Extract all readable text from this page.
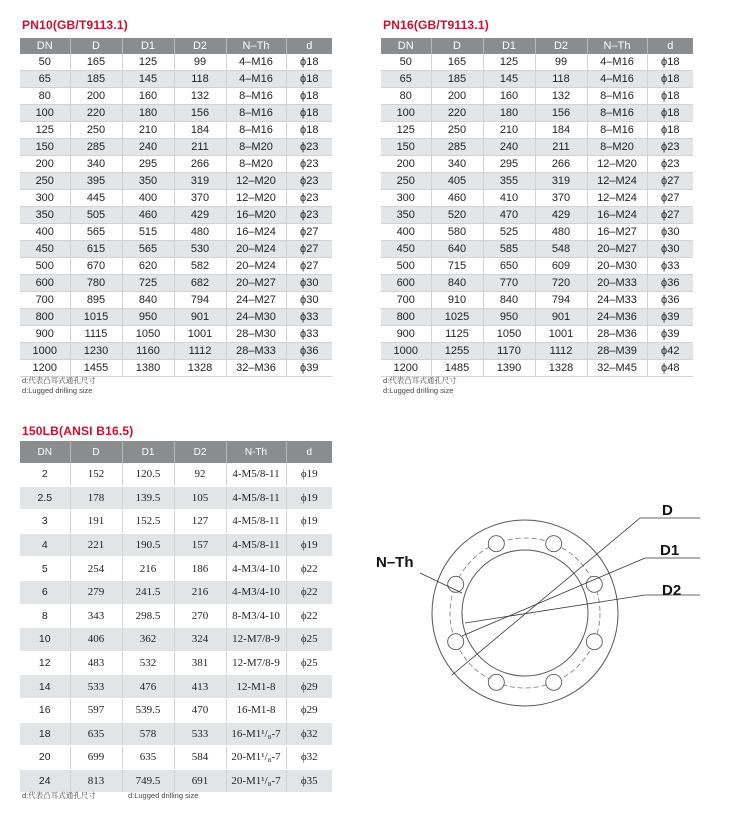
PN10(GB/T9113.1)
DN	D	D1	D2	N–Th	d
50	165	125	99	4–M16	ϕ18
65	185	145	118	4–M16	ϕ18
80	200	160	132	8–M16	ϕ18
100	220	180	156	8–M16	ϕ18
125	250	210	184	8–M16	ϕ18
150	285	240	211	8–M20	ϕ23
200	340	295	266	8–M20	ϕ23
250	395	350	319	12–M20	ϕ23
300	445	400	370	12–M20	ϕ23
350	505	460	429	16–M20	ϕ23
400	565	515	480	16–M24	ϕ27
450	615	565	530	20–M24	ϕ27
500	670	620	582	20–M24	ϕ27
600	780	725	682	20–M27	ϕ30
700	895	840	794	24–M27	ϕ30
800	1015	950	901	24–M30	ϕ33
900	1115	1050	1001	28–M30	ϕ33
1000	1230	1160	1112	28–M33	ϕ36
1200	1455	1380	1328	32–M36	ϕ39
d:代表凸耳式通孔尺寸
d:Lugged drilling size
PN16(GB/T9113.1)
DN	D	D1	D2	N–Th	d
50	165	125	99	4–M16	ϕ18
65	185	145	118	4–M16	ϕ18
80	200	160	132	8–M16	ϕ18
100	220	180	156	8–M16	ϕ18
125	250	210	184	8–M16	ϕ18
150	285	240	211	8–M20	ϕ23
200	340	295	266	12–M20	ϕ23
250	405	355	319	12–M24	ϕ27
300	460	410	370	12–M24	ϕ27
350	520	470	429	16–M24	ϕ27
400	580	525	480	16–M27	ϕ30
450	640	585	548	20–M27	ϕ30
500	715	650	609	20–M30	ϕ33
600	840	770	720	20–M33	ϕ36
700	910	840	794	24–M33	ϕ36
800	1025	950	901	24–M36	ϕ39
900	1125	1050	1001	28–M36	ϕ39
1000	1255	1170	1112	28–M39	ϕ42
1200	1485	1390	1328	32–M45	ϕ48
d:代表凸耳式通孔尺寸
d:Lugged drilling size
150LB(ANSI B16.5)
DN	D	D1	D2	N-Th	d
2	152	120.5	92	4-M5/8-11	ϕ19
2.5	178	139.5	105	4-M5/8-11	ϕ19
3	191	152.5	127	4-M5/8-11	ϕ19
4	221	190.5	157	4-M5/8-11	ϕ19
5	254	216	186	4-M3/4-10	ϕ22
6	279	241.5	216	4-M3/4-10	ϕ22
8	343	298.5	270	8-M3/4-10	ϕ22
10	406	362	324	12-M7/8-9	ϕ25
12	483	532	381	12-M7/8-9	ϕ25
14	533	476	413	12-M1-8	ϕ29
16	597	539.5	470	16-M1-8	ϕ29
18	635	578	533	16-M1¹/₈-7	ϕ32
20	699	635	584	20-M1¹/₈-7	ϕ32
24	813	749.5	691	20-M1¹/₈-7	ϕ35
d:代表凸耳式通孔尺寸	d:Lugged drilling size
N–Th
D
D1
D2
